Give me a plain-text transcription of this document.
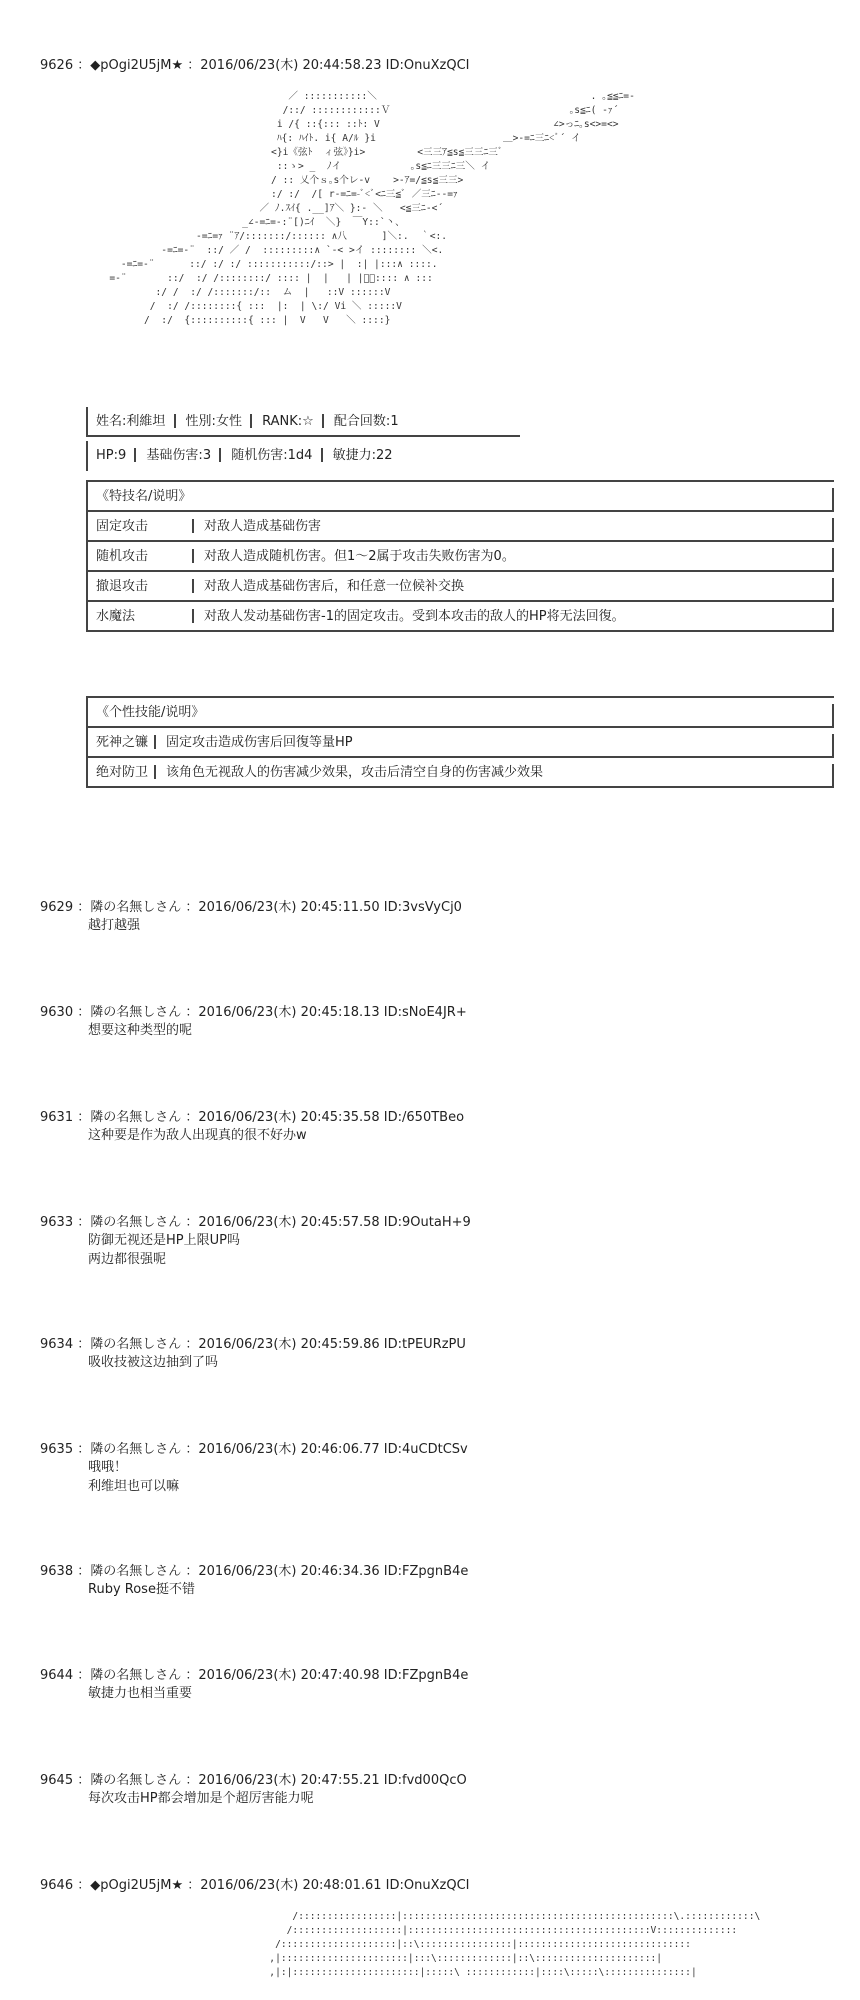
9626 ：◆pOgi2U5jM★ ：2016/06/23(木) 20:44:58.23 ID:OnuXzQCI
／ :::::::::::＼                                     . ｡≦≦ﾆ=-
/::/ ::::::::::::Ｖ                               ｡s≦ﾆ( -ｧ´
i /{ ::{::: ::ﾄ: V                              ∠>っﾆ｡s<>=<>
ﾊ{: ﾊｲﾄ. i{ A/ﾙ }i                      ＿>-=ﾆ三ﾆ<ﾞ´ イ
<}i《弦ﾄ  ィ弦》}i>         <三三ｱ≦s≦三三ﾆ三ﾞ
::ゝ> _  ﾉイ            ｡s≦ﾆ三三ﾆ三＼ イ
/ :: 乂个ｓ｡s个レ-v    >-ｱ=/≦s≦三三>
:/ :/  /[ r-=ﾆ=-ﾞ<ﾞ<ﾆ三≦ﾞ ／三ﾆ-‐=ｧ
／ ﾉ.ｽｲ{ .__]ｱ＼ }:- ＼   <≦三ﾆ-<´
_∠-=ﾆ=-:¨[)ﾆｲ  ＼}  ￣Y::`丶、
-=ﾆ=ｧ ¨ｱ/:::::::/:::::: ∧八      ]＼:.  ｀<:.
-=ﾆ=-¨  ::/ ／ /  :::::::::∧ `‐< >イ :::::::: ＼<.
-=ﾆ=-¨      ::/ :/ :/ :::::::::::/::> |  :| |:::∧ ::::.
=-¨       ::/  :/ /::::::::/ :::: |  |   | |ﾞ＼:::: ∧ :::
:/ /  :/ /:::::::/::  ム  |   ::V ::::::V
/  :/ /::::::::{ :::  |:  | \:/ Vi ＼ :::::V
/  :/  {::::::::::{ ::: |  V   V   ＼ ::::}
姓名:利維坦 性別:女性 RANK:☆ 配合回数:1
HP:9 基础伤害:3 随机伤害:1d4 敏捷力:22
《特技名/说明》
固定攻击	对敌人造成基础伤害
随机攻击	对敌人造成随机伤害。但1～2属于攻击失败伤害为0。
撤退攻击	对敌人造成基础伤害后，和任意一位候补交换
水魔法	对敌人发动基础伤害-1的固定攻击。受到本攻击的敌人的HP将无法回復。
《个性技能/说明》
死神之镰 固定攻击造成伤害后回復等量HP
绝对防卫 该角色无视敌人的伤害减少效果，攻击后清空自身的伤害减少效果
9629 ：隣の名無しさん ：2016/06/23(木) 20:45:11.50 ID:3vsVyCj0
越打越强
9630 ：隣の名無しさん ：2016/06/23(木) 20:45:18.13 ID:sNoE4JR+
想要这种类型的呢
9631 ：隣の名無しさん ：2016/06/23(木) 20:45:35.58 ID:/650TBeo
这种要是作为敌人出现真的很不好办w
9633 ：隣の名無しさん ：2016/06/23(木) 20:45:57.58 ID:9OutaH+9
防御无视还是HP上限UP吗
两边都很强呢
9634 ：隣の名無しさん ：2016/06/23(木) 20:45:59.86 ID:tPEURzPU
吸收技被这边抽到了吗
9635 ：隣の名無しさん ：2016/06/23(木) 20:46:06.77 ID:4uCDtCSv
哦哦！
利维坦也可以嘛
9638 ：隣の名無しさん ：2016/06/23(木) 20:46:34.36 ID:FZpgnB4e
Ruby Rose挺不错
9644 ：隣の名無しさん ：2016/06/23(木) 20:47:40.98 ID:FZpgnB4e
敏捷力也相当重要
9645 ：隣の名無しさん ：2016/06/23(木) 20:47:55.21 ID:fvd00QcO
每次攻击HP都会增加是个超厉害能力呢
9646 ：◆pOgi2U5jM★ ：2016/06/23(木) 20:48:01.61 ID:OnuXzQCI
/:::::::::::::::::|:::::::::::::::::::::::::::::::::::::::::::::::\.::::::::::::\
/:::::::::::::::::::|::::::::::::::::::::::::::::::::::::::::::V::::::::::::::
/::::::::::::::::::::|::\::::::::::::::::|::::::::::::::::::::::::::::::
,|::::::::::::::::::::::|:::\:::::::::::::|::\:::::::::::::::::::::|
,|:|::::::::::::::::::::::|:::::\ ::::::::::::|::::\:::::\:::::::::::::::|
